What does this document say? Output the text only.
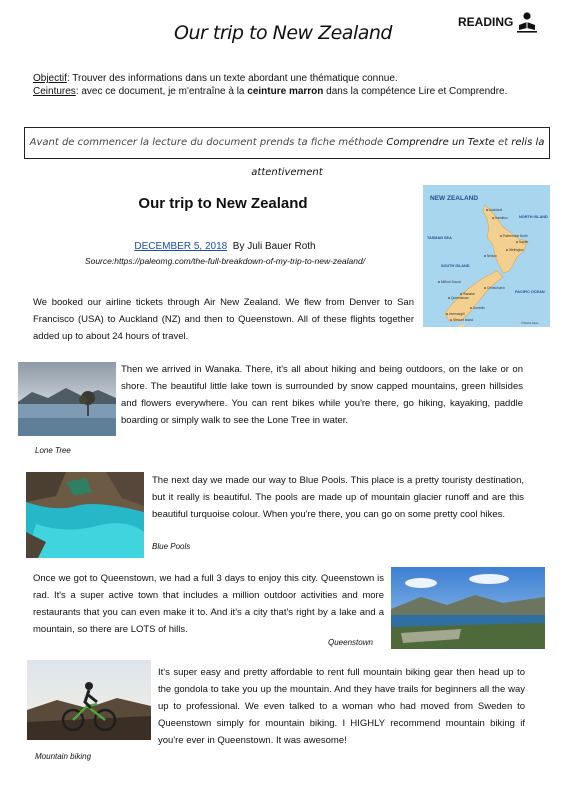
Our trip to New Zealand	READING
Objectif: Trouver des informations dans un texte abordant une thématique connue.
Ceintures: avec ce document, je m'entraîne à la ceinture marron dans la compétence Lire et Comprendre.
Avant de commencer la lecture du document prends ta fiche méthode Comprendre un Texte et relis la attentivement
Our trip to New Zealand
DECEMBER 5, 2018 By Juli Bauer Roth
Source:https://paleomg.com/the-full-breakdown-of-my-trip-to-new-zealand/
NEW ZEALAND
NORTH ISLAND
SOUTH ISLAND
TASMAN SEA
PACIFIC OCEAN
Auckland
Hamilton
Napier
Palmerston North
Wellington
Nelson
Christchurch
Wanaka
Queenstown
Dunedin
Invercargill
Stewart Island
Milford Sound
©World Atlas
We booked our airline tickets through Air New Zealand. We flew from Denver to San Francisco (USA) to Auckland (NZ) and then to Queenstown. All of these flights together added up to about 24 hours of travel.
Then we arrived in Wanaka. There, it's all about hiking and being outdoors, on the lake or on shore. The beautiful little lake town is surrounded by snow capped mountains, green hillsides and flowers everywhere. You can rent bikes while you're there, go hiking, kayaking, paddle boarding or simply walk to see the Lone Tree in water.
Lone Tree
The next day we made our way to Blue Pools. This place is a pretty touristy destination, but it really is beautiful. The pools are made up of mountain glacier runoff and are this beautiful turquoise colour. When you're there, you can go on some pretty cool hikes.
Blue Pools
Once we got to Queenstown, we had a full 3 days to enjoy this city. Queenstown is rad. It's a super active town that includes a million outdoor activities and more restaurants that you can even make it to. And it's a city that's right by a lake and a mountain, so there are LOTS of hills.
Queenstown
It's super easy and pretty affordable to rent full mountain biking gear then head up to the gondola to take you up the mountain. And they have trails for beginners all the way up to professional. We even talked to a woman who had moved from Sweden to Queenstown simply for mountain biking. I HIGHLY recommend mountain biking if you're ever in Queenstown. It was awesome!
Mountain biking
